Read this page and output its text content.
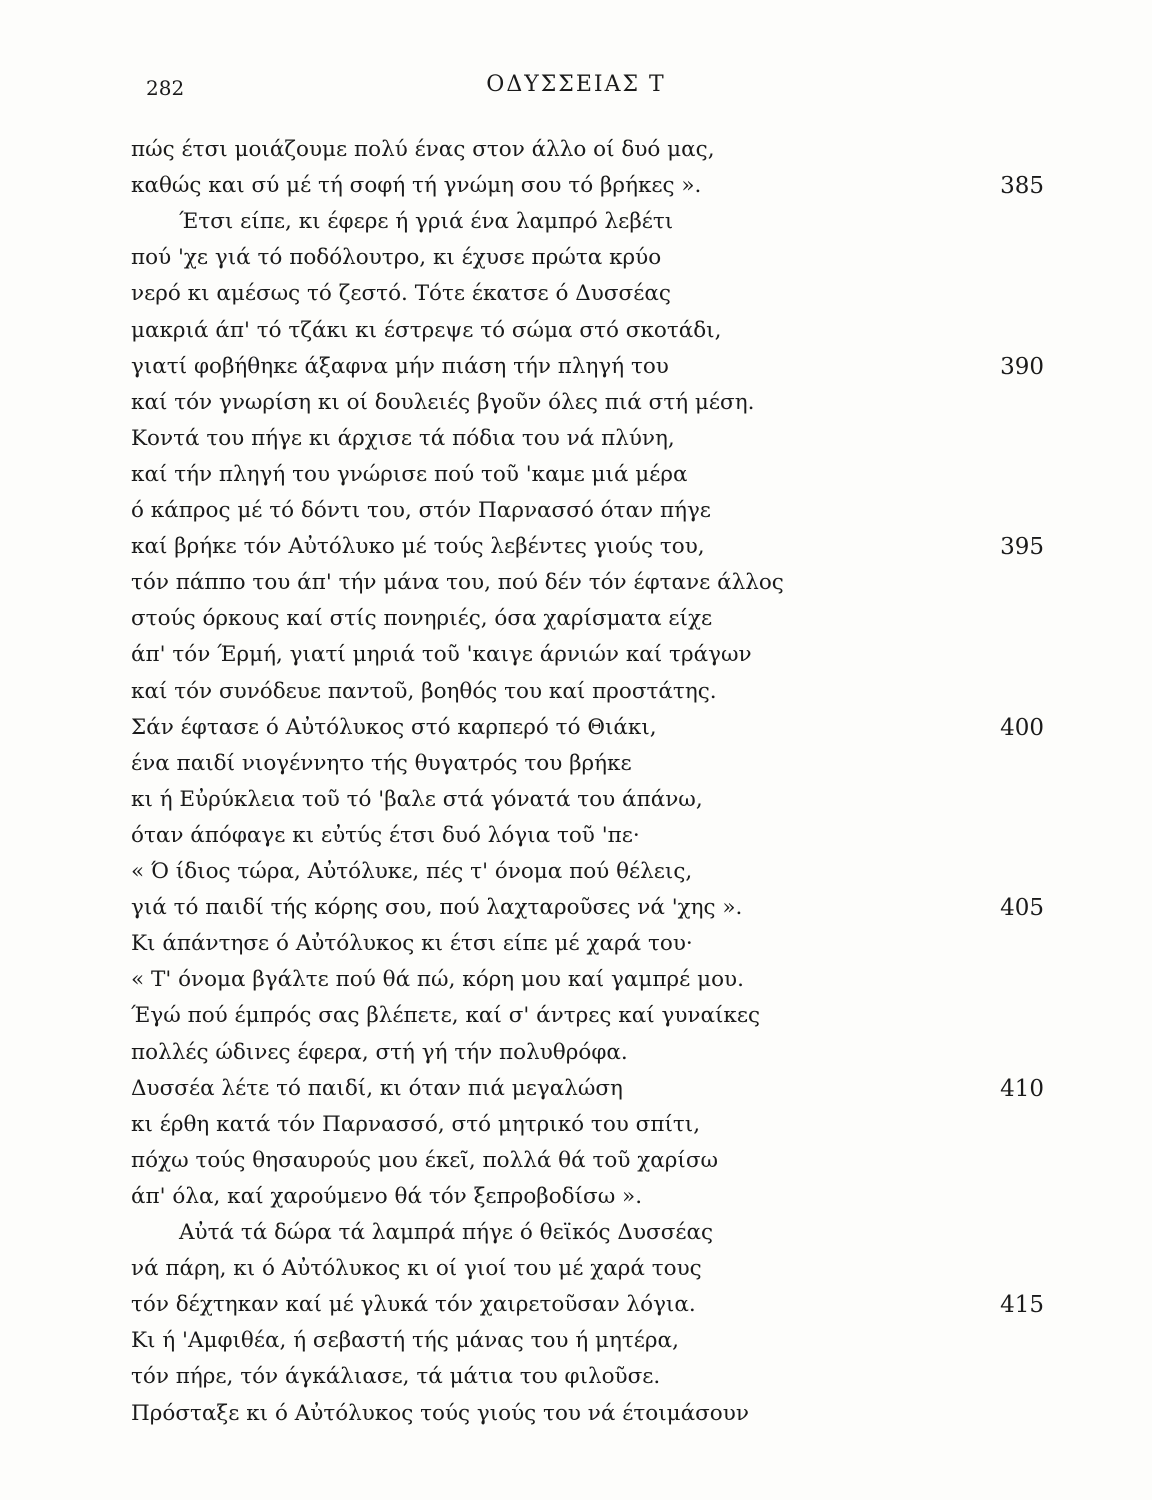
282	ΟΔΥΣΣΕΙΑΣ Τ
πώς έτσι μοιάζουμε πολύ ένας στον άλλο οί δυό μας,
καθώς και σύ μέ τή σοφή τή γνώμη σου τό βρήκες ».	385
Έτσι είπε, κι έφερε ή γριά ένα λαμπρό λεβέτι
πού 'χε γιά τό ποδόλουτρο, κι έχυσε πρώτα κρύο
νερό κι αμέσως τό ζεστό. Τότε έκατσε ό Δυσσέας
μακριά άπ' τό τζάκι κι έστρεψε τό σώμα στό σκοτάδι,
γιατί φοβήθηκε άξαφνα μήν πιάση τήν πληγή του	390
καί τόν γνωρίση κι οί δουλειές βγοῦν όλες πιά στή μέση.
Κοντά του πήγε κι άρχισε τά πόδια του νά πλύνη,
καί τήν πληγή του γνώρισε πού τοῦ 'καμε μιά μέρα
ό κάπρος μέ τό δόντι του, στόν Παρνασσό όταν πήγε
καί βρήκε τόν Αὐτόλυκο μέ τούς λεβέντες γιούς του,	395
τόν πάππο του άπ' τήν μάνα του, πού δέν τόν έφτανε άλλος
στούς όρκους καί στίς πονηριές, όσα χαρίσματα είχε
άπ' τόν Έρμή, γιατί μηριά τοῦ 'καιγε άρνιών καί τράγων
καί τόν συνόδευε παντοῦ, βοηθός του καί προστάτης.
Σάν έφτασε ό Αὐτόλυκος στό καρπερό τό Θιάκι,	400
ένα παιδί νιογέννητο τής θυγατρός του βρήκε
κι ή Εὐρύκλεια τοῦ τό 'βαλε στά γόνατά του άπάνω,
όταν άπόφαγε κι εὐτύς έτσι δυό λόγια τοῦ 'πε·
« Ό ίδιος τώρα, Αὐτόλυκε, πές τ' όνομα πού θέλεις,
γιά τό παιδί τής κόρης σου, πού λαχταροῦσες νά 'χης ».	405
Κι άπάντησε ό Αὐτόλυκος κι έτσι είπε μέ χαρά του·
« Τ' όνομα βγάλτε πού θά πώ, κόρη μου καί γαμπρέ μου.
Έγώ πού έμπρός σας βλέπετε, καί σ' άντρες καί γυναίκες
πολλές ώδινες έφερα, στή γή τήν πολυθρόφα.
Δυσσέα λέτε τό παιδί, κι όταν πιά μεγαλώση	410
κι έρθη κατά τόν Παρνασσό, στό μητρικό του σπίτι,
πόχω τούς θησαυρούς μου έκεῖ, πολλά θά τοῦ χαρίσω
άπ' όλα, καί χαρούμενο θά τόν ξεπροβοδίσω ».
Αὐτά τά δώρα τά λαμπρά πήγε ό θεϊκός Δυσσέας
νά πάρη, κι ό Αὐτόλυκος κι οί γιοί του μέ χαρά τους
τόν δέχτηκαν καί μέ γλυκά τόν χαιρετοῦσαν λόγια.	415
Κι ή 'Αμφιθέα, ή σεβαστή τής μάνας του ή μητέρα,
τόν πήρε, τόν άγκάλιασε, τά μάτια του φιλοῦσε.
Πρόσταξε κι ό Αὐτόλυκος τούς γιούς του νά έτοιμάσουν
